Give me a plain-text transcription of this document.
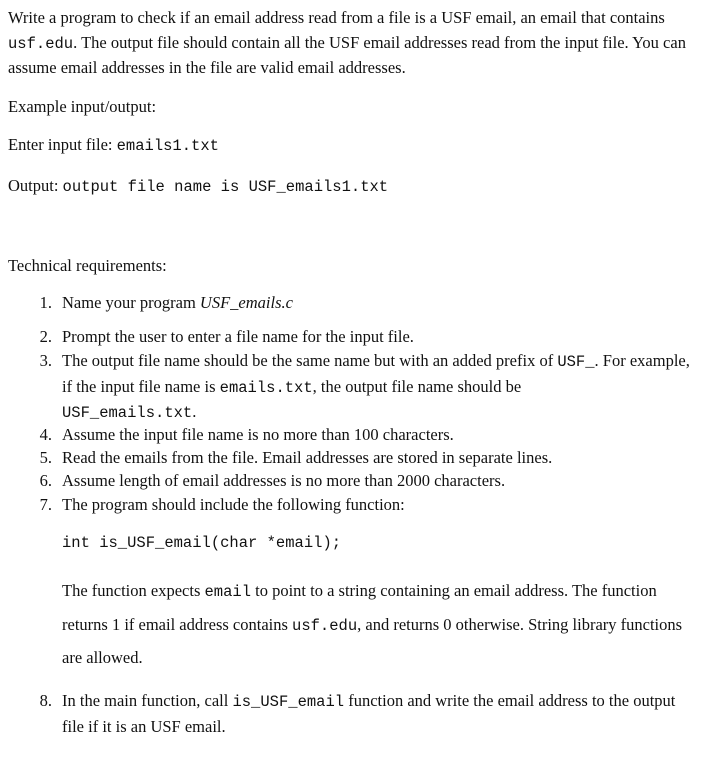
Write a program to check if an email address read from a file is a USF email, an email that contains usf.edu. The output file should contain all the USF email addresses read from the input file. You can assume email addresses in the file are valid email addresses.

Example input/output:

Enter input file: emails1.txt

Output: output file name is USF_emails1.txt

Technical requirements:

1. Name your program USF_emails.c
2. Prompt the user to enter a file name for the input file.
3. The output file name should be the same name but with an added prefix of USF_. For example, if the input file name is emails.txt, the output file name should be
USF_emails.txt.
4. Assume the input file name is no more than 100 characters.
5. Read the emails from the file. Email addresses are stored in separate lines.
6. Assume length of email addresses is no more than 2000 characters.
7. The program should include the following function:
int is_USF_email(char *email);

The function expects email to point to a string containing an email address. The function returns 1 if email address contains usf.edu, and returns 0 otherwise. String library functions are allowed.

8. In the main function, call is_USF_email function and write the email address to the output file if it is an USF email.
